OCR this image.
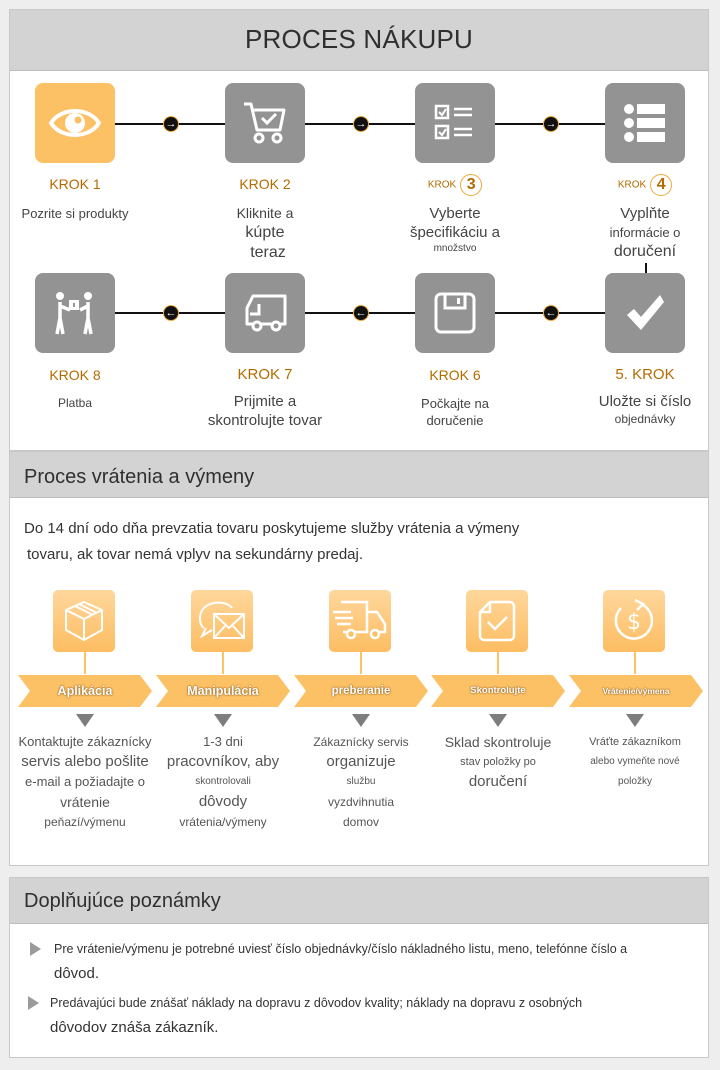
PROCES NÁKUPU
→	→	→
←	←	←
KROK 1
Pozrite si produkty
KROK 2
Kliknite a
kúpte
teraz
KROK 3
Vyberte
špecifikáciu a
množstvo
KROK 4
Vyplňte
informácie o
doručení
5. KROK
Uložte si číslo
objednávky
KROK 6
Počkajte na
doručenie
KROK 7
Prijmite a
skontrolujte tovar
KROK 8
Platba
Proces vrátenia a výmeny
Do 14 dní odo dňa prevzatia tovaru poskytujeme služby vrátenia a výmeny
tovaru, ak tovar nemá vplyv na sekundárny predaj.
Aplikácia
Kontaktujte zákaznícky
servis alebo pošlite
e-mail a požiadajte o
vrátenie
peňazí/výmenu
Manipulácia
1-3 dni
pracovníkov, aby
skontrolovali
dôvody
vrátenia/výmeny
preberanie
Zákaznícky servis
organizuje
službu
vyzdvihnutia
domov
Skontrolujte
Sklad skontroluje
stav položky po
doručení
$
Vrátenie/výmena
Vráťte zákazníkom
alebo vymeňte nové
položky
Doplňujúce poznámky
Pre vrátenie/výmenu je potrebné uviesť číslo objednávky/číslo nákladného listu, meno, telefónne číslo a
dôvod.
Predávajúci bude znášať náklady na dopravu z dôvodov kvality; náklady na dopravu z osobných
dôvodov znáša zákazník.
